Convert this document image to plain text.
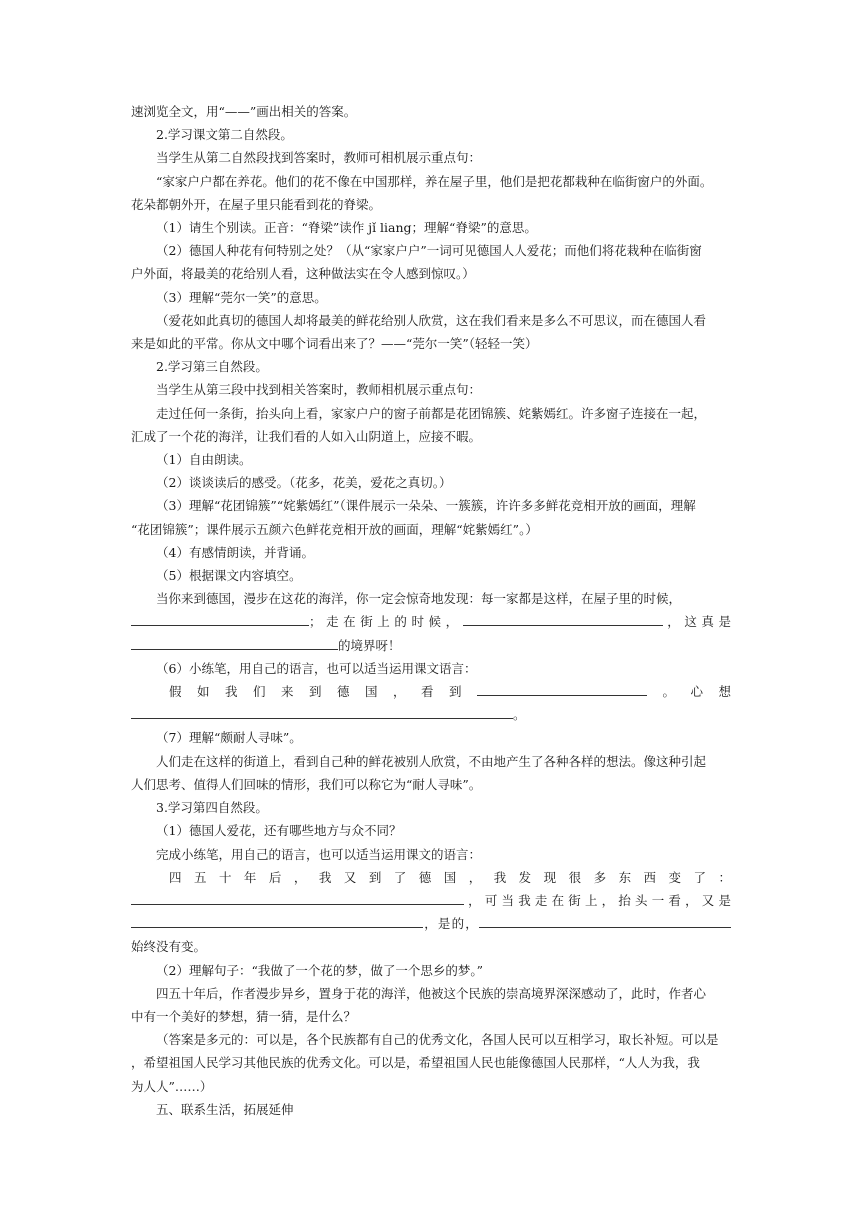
速浏览全文，用“——”画出相关的答案。

2.学习课文第二自然段。

当学生从第二自然段找到答案时，教师可相机展示重点句：

“家家户户都在养花。他们的花不像在中国那样，养在屋子里，他们是把花都栽种在临街窗户的外面。

花朵都朝外开，在屋子里只能看到花的脊梁。

（1）请生个别读。正音：“脊梁”读作 jǐ liang；理解“脊梁”的意思。

（2）德国人种花有何特别之处？（从“家家户户”一词可见德国人人爱花；而他们将花栽种在临街窗

户外面，将最美的花给别人看，这种做法实在令人感到惊叹。）

（3）理解“莞尔一笑”的意思。

（爱花如此真切的德国人却将最美的鲜花给别人欣赏，这在我们看来是多么不可思议，而在德国人看

来是如此的平常。你从文中哪个词看出来了？——“莞尔一笑”（轻轻一笑）

2.学习第三自然段。

当学生从第三段中找到相关答案时，教师相机展示重点句：

走过任何一条街，抬头向上看，家家户户的窗子前都是花团锦簇、姹紫嫣红。许多窗子连接在一起，

汇成了一个花的海洋，让我们看的人如入山阴道上，应接不暇。

（1）自由朗读。

（2）谈谈读后的感受。（花多，花美，爱花之真切。）

（3）理解“花团锦簇”“姹紫嫣红”（课件展示一朵朵、一簇簇，许许多多鲜花竞相开放的画面，理解

“花团锦簇”；课件展示五颜六色鲜花竞相开放的画面，理解“姹紫嫣红”。）

（4）有感情朗读，并背诵。

（5）根据课文内容填空。

当你来到德国，漫步在这花的海洋，你一定会惊奇地发现：每一家都是这样，在屋子里的时候，

；走在街上的时候，	，这真是

的境界呀！

（6）小练笔，用自己的语言，也可以适当运用课文语言：

假如我们来到德国，看到	。心想

。

（7）理解“颇耐人寻味”。

人们走在这样的街道上，看到自己种的鲜花被别人欣赏，不由地产生了各种各样的想法。像这种引起

人们思考、值得人们回味的情形，我们可以称它为“耐人寻味”。

3.学习第四自然段。

（1）德国人爱花，还有哪些地方与众不同？

完成小练笔，用自己的语言，也可以适当运用课文的语言：

四五十年后，我又到了德国，我发现很多东西变了：

，可当我走在街上，抬头一看，又是

，是的，

始终没有变。

（2）理解句子：“我做了一个花的梦，做了一个思乡的梦。”

四五十年后，作者漫步异乡，置身于花的海洋，他被这个民族的崇高境界深深感动了，此时，作者心

中有一个美好的梦想，猜一猜，是什么？

（答案是多元的：可以是，各个民族都有自己的优秀文化，各国人民可以互相学习，取长补短。可以是

，希望祖国人民学习其他民族的优秀文化。可以是，希望祖国人民也能像德国人民那样，“人人为我，我

为人人”……）

五、联系生活，拓展延伸
